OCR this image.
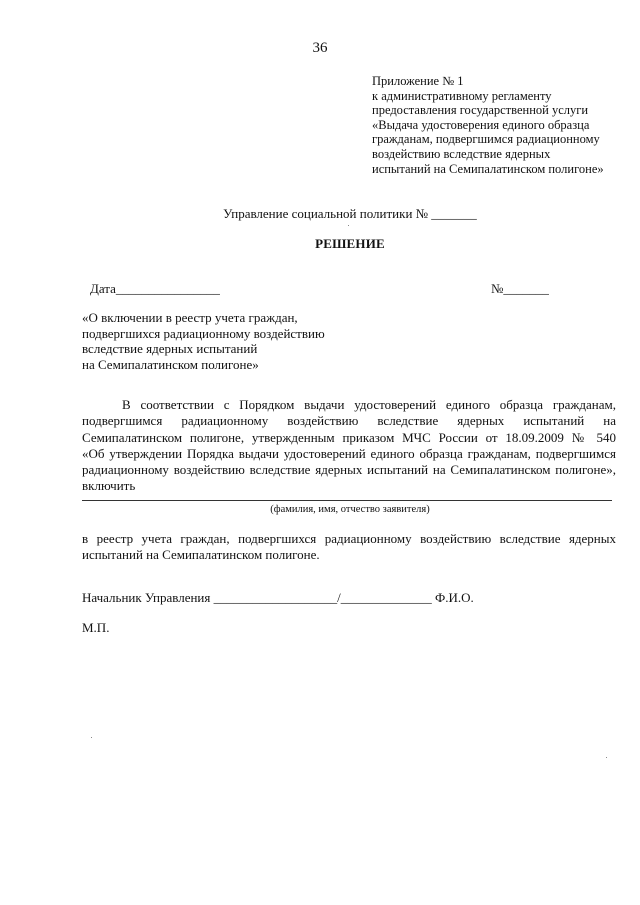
36
Приложение № 1
к административному регламенту
предоставления государственной услуги
«Выдача удостоверения единого образца
гражданам, подвергшимся радиационному
воздействию вследствие ядерных
испытаний на Семипалатинском полигоне»
Управление социальной политики № _______
РЕШЕНИЕ
Дата________________	№_______
«О включении в реестр учета граждан,
подвергшихся радиационному воздействию
вследствие ядерных испытаний
на Семипалатинском полигоне»
В соответствии с Порядком выдачи удостоверений единого образца гражданам,
подвергшимся радиационному воздействию вследствие ядерных испытаний на
Семипалатинском полигоне, утвержденным приказом МЧС России от 18.09.2009 № 540
«Об утверждении Порядка выдачи удостоверений единого образца гражданам, подвергшимся
радиационному воздействию вследствие ядерных испытаний на Семипалатинском полигоне»,
включить
(фамилия, имя, отчество заявителя)
в реестр учета граждан, подвергшихся радиационному воздействию вследствие ядерных
испытаний на Семипалатинском полигоне.
Начальник Управления ___________________/______________ Ф.И.О.
М.П.
